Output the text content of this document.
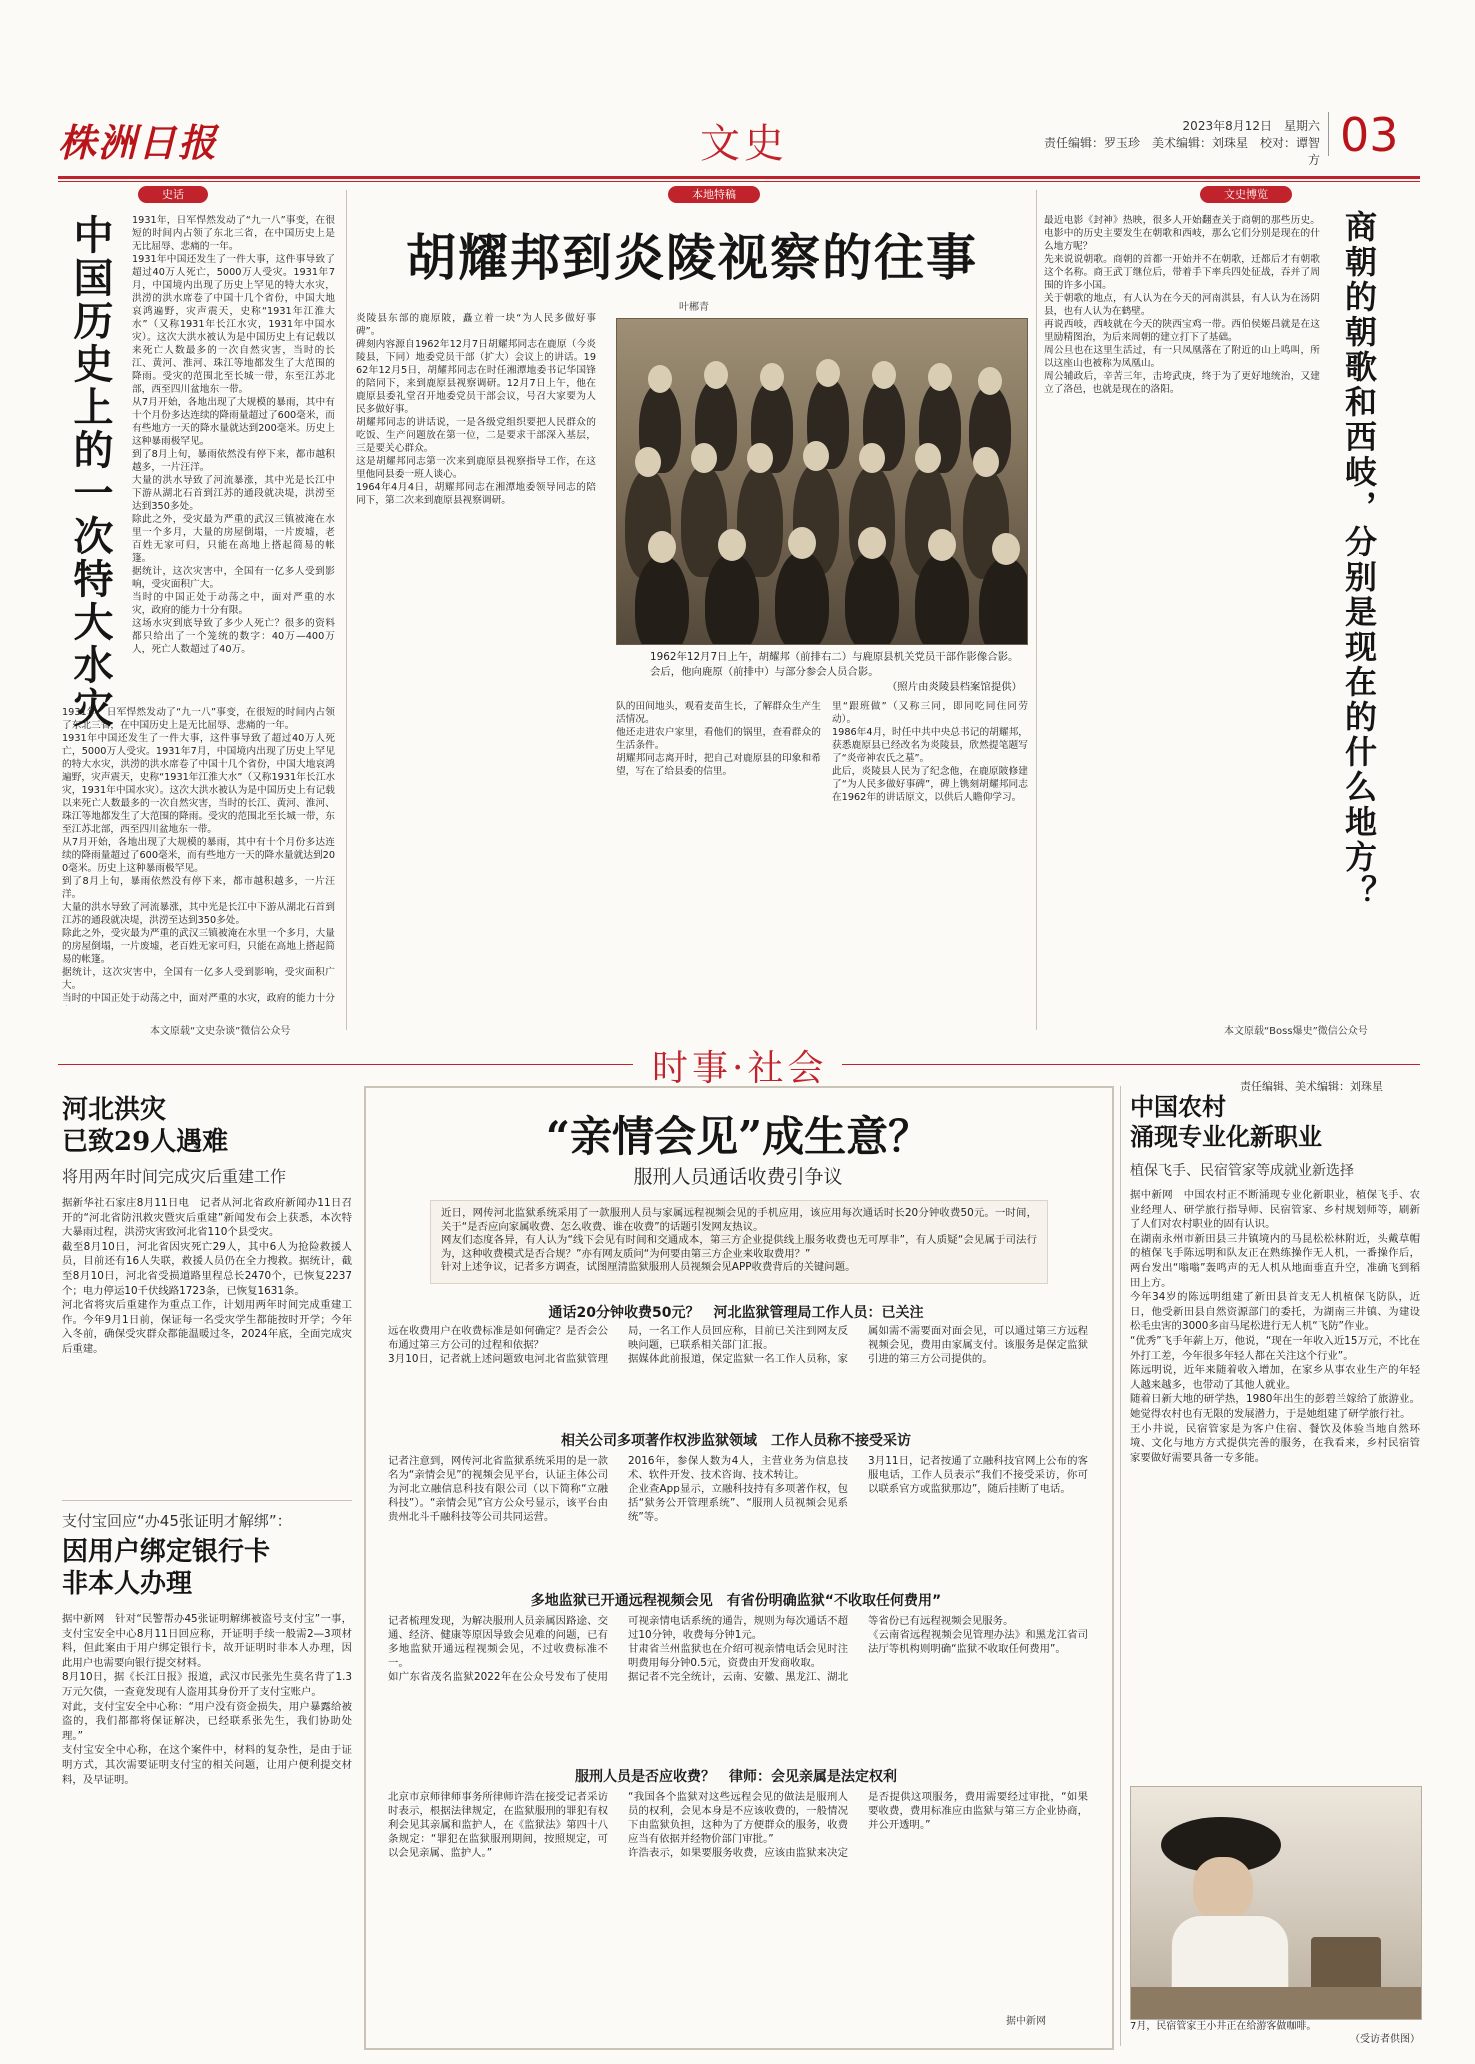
株洲日报	文史	2023年8月12日　星期六
责任编辑：罗玉珍　美术编辑：刘珠星　校对：谭智方 03
史话
中国历史上的一次特大水灾	1931年，日军悍然发动了“九一八”事变，在很短的时间内占领了东北三省，在中国历史上是无比屈辱、悲痛的一年。
1931年中国还发生了一件大事，这件事导致了超过40万人死亡，5000万人受灾。1931年7月，中国境内出现了历史上罕见的特大水灾，洪涝的洪水席卷了中国十几个省份，中国大地哀鸿遍野，灾声震天，史称“1931年江淮大水”（又称1931年长江水灾，1931年中国水灾）。这次大洪水被认为是中国历史上有记载以来死亡人数最多的一次自然灾害，当时的长江、黄河、淮河、珠江等地都发生了大范围的降雨。受灾的范围北至长城一带，东至江苏北部，西至四川盆地东一带。
从7月开始，各地出现了大规模的暴雨，其中有十个月份多达连续的降雨量超过了600毫米，而有些地方一天的降水量就达到200毫米。历史上这种暴雨极罕见。
到了8月上旬，暴雨依然没有停下来，都市越积越多，一片汪洋。
大量的洪水导致了河流暴涨，其中光是长江中下游从湖北石首到江苏的通段就决堤，洪涝至达到350多处。
除此之外，受灾最为严重的武汉三镇被淹在水里一个多月，大量的房屋倒塌，一片废墟，老百姓无家可归，只能在高地上搭起简易的帐篷。
据统计，这次灾害中，全国有一亿多人受到影响，受灾面积广大。
当时的中国正处于动荡之中，面对严重的水灾，政府的能力十分有限。
这场水灾到底导致了多少人死亡？很多的资料都只给出了一个笼统的数字：40万—400万人，死亡人数超过了40万。
1931年，日军悍然发动了“九一八”事变，在很短的时间内占领了东北三省，在中国历史上是无比屈辱、悲痛的一年。
1931年中国还发生了一件大事，这件事导致了超过40万人死亡，5000万人受灾。1931年7月，中国境内出现了历史上罕见的特大水灾，洪涝的洪水席卷了中国十几个省份，中国大地哀鸿遍野，灾声震天，史称“1931年江淮大水”（又称1931年长江水灾，1931年中国水灾）。这次大洪水被认为是中国历史上有记载以来死亡人数最多的一次自然灾害，当时的长江、黄河、淮河、珠江等地都发生了大范围的降雨。受灾的范围北至长城一带，东至江苏北部，西至四川盆地东一带。
从7月开始，各地出现了大规模的暴雨，其中有十个月份多达连续的降雨量超过了600毫米，而有些地方一天的降水量就达到200毫米。历史上这种暴雨极罕见。
到了8月上旬，暴雨依然没有停下来，都市越积越多，一片汪洋。
大量的洪水导致了河流暴涨，其中光是长江中下游从湖北石首到江苏的通段就决堤，洪涝至达到350多处。
除此之外，受灾最为严重的武汉三镇被淹在水里一个多月，大量的房屋倒塌，一片废墟，老百姓无家可归，只能在高地上搭起简易的帐篷。
据统计，这次灾害中，全国有一亿多人受到影响，受灾面积广大。
当时的中国正处于动荡之中，面对严重的水灾，政府的能力十分

本文原载“文史杂谈”微信公众号
本地特稿
胡耀邦到炎陵视察的往事
叶郴青
炎陵县东部的鹿原陂，矗立着一块“为人民多做好事碑”。
碑刻内容源自1962年12月7日胡耀邦同志在鹿原（今炎陵县，下同）地委党员干部（扩大）会议上的讲话。1962年12月5日，胡耀邦同志在时任湘潭地委书记华国锋的陪同下，来到鹿原县视察调研。12月7日上午，他在鹿原县委礼堂召开地委党员干部会议，号召大家要为人民多做好事。
胡耀邦同志的讲话说，一是各级党组织要把人民群众的吃饭、生产问题放在第一位，二是要求干部深入基层，三是要关心群众。
这是胡耀邦同志第一次来到鹿原县视察指导工作，在这里他同县委一班人谈心。
1964年4月4日，胡耀邦同志在湘潭地委领导同志的陪同下，第二次来到鹿原县视察调研。
1962年12月7日上午，胡耀邦（前排右二）与鹿原县机关党员干部作影像合影。会后，他向鹿原（前排中）与部分参会人员合影。
（照片由炎陵县档案馆提供）
队的田间地头，观看麦苗生长，了解群众生产生活情况。
他还走进农户家里，看他们的锅里，查看群众的生活条件。
胡耀邦同志离开时，把自己对鹿原县的印象和希望，写在了给县委的信里。
里“跟班做”（又称三同，即同吃同住同劳动）。
1986年4月，时任中共中央总书记的胡耀邦，获悉鹿原县已经改名为炎陵县，欣然提笔题写了“炎帝神农氏之墓”。
此后，炎陵县人民为了纪念他，在鹿原陂修建了“为人民多做好事碑”，碑上镌刻胡耀邦同志在1962年的讲话原文，以供后人瞻仰学习。
文史博览
最近电影《封神》热映，很多人开始翻查关于商朝的那些历史。电影中的历史主要发生在朝歌和西岐，那么它们分别是现在的什么地方呢？
先来说说朝歌。商朝的首都一开始并不在朝歌，迁都后才有朝歌这个名称。商王武丁继位后，带着手下率兵四处征战，吞并了周围的许多小国。
关于朝歌的地点，有人认为在今天的河南淇县，有人认为在汤阴县，也有人认为在鹤壁。
再说西岐，西岐就在今天的陕西宝鸡一带。西伯侯姬昌就是在这里励精图治，为后来周朝的建立打下了基础。
周公旦也在这里生活过，有一只凤凰落在了附近的山上鸣叫，所以这座山也被称为凤凰山。
周公辅政后，辛苦三年，击垮武庚，终于为了更好地统治，又建立了洛邑，也就是现在的洛阳。	商朝的朝歌和西岐，分别是现在的什么地方？
本文原载“Boss爆史”微信公众号
时事·社会	责任编辑、美术编辑：刘珠星
河北洪灾
已致29人遇难
将用两年时间完成灾后重建工作
据新华社石家庄8月11日电　记者从河北省政府新闻办11日召开的“河北省防汛救灾暨灾后重建”新闻发布会上获悉，本次特大暴雨过程，洪涝灾害致河北省110个县受灾。
截至8月10日，河北省因灾死亡29人，其中6人为抢险救援人员，目前还有16人失联，救援人员仍在全力搜救。据统计，截至8月10日，河北省受损道路里程总长2470个，已恢复2237个；电力停运10千伏线路1723条，已恢复1631条。
河北省将灾后重建作为重点工作，计划用两年时间完成重建工作。今年9月1日前，保证每一名受灾学生都能按时开学；今年入冬前，确保受灾群众都能温暖过冬，2024年底，全面完成灾后重建。
支付宝回应“办45张证明才解绑”：
因用户绑定银行卡
非本人办理
据中新网　针对“民警帮办45张证明解绑被盗号支付宝”一事，支付宝安全中心8月11日回应称，开证明手续一般需2—3项材料，但此案由于用户绑定银行卡，故开证明时非本人办理，因此用户也需要向银行提交材料。
8月10日，据《长江日报》报道，武汉市民张先生莫名背了1.3万元欠债，一查竟发现有人盗用其身份开了支付宝账户。
对此，支付宝安全中心称：“用户没有资金损失，用户暴露给被盗的，我们都都将保证解决，已经联系张先生，我们协助处理。”
支付宝安全中心称，在这个案件中，材料的复杂性，是由于证明方式，其次需要证明支付宝的相关问题，让用户便利提交材料，及早证明。
“亲情会见”成生意？
服刑人员通话收费引争议
近日，网传河北监狱系统采用了一款服刑人员与家属远程视频会见的手机应用，该应用每次通话时长20分钟收费50元。一时间，关于“是否应向家属收费、怎么收费、谁在收费”的话题引发网友热议。
网友们态度各异，有人认为“线下会见有时间和交通成本，第三方企业提供线上服务收费也无可厚非”，有人质疑“会见属于司法行为，这种收费模式是否合规？”亦有网友质问“为何要由第三方企业来收取费用？”
针对上述争议，记者多方调查，试图厘清监狱服刑人员视频会见APP收费背后的关键问题。
通话20分钟收费50元？　河北监狱管理局工作人员：已关注
远在收费用户在收费标准是如何确定？是否会公布通过第三方公司的过程和依据？
3月10日，记者就上述问题致电河北省监狱管理局，一名工作人员回应称，目前已关注到网友反映问题，已联系相关部门汇报。
据媒体此前报道，保定监狱一名工作人员称，家属如需不需要面对面会见，可以通过第三方远程视频会见，费用由家属支付。该服务是保定监狱引进的第三方公司提供的。
相关公司多项著作权涉监狱领域　工作人员称不接受采访
记者注意到，网传河北省监狱系统采用的是一款名为“亲情会见”的视频会见平台，认证主体公司为河北立融信息科技有限公司（以下简称“立融科技”）。“亲情会见”官方公众号显示，该平台由贵州北斗千融科技等公司共同运营。
2016年，参保人数为4人，主营业务为信息技术、软件开发、技术咨询、技术转让。
企业查App显示，立融科技持有多项著作权，包括“狱务公开管理系统”、“服刑人员视频会见系统”等。
3月11日，记者按通了立融科技官网上公布的客服电话，工作人员表示“我们不接受采访，你可以联系官方或监狱那边”，随后挂断了电话。
多地监狱已开通远程视频会见　有省份明确监狱“不收取任何费用”
记者梳理发现，为解决服刑人员亲属因路途、交通、经济、健康等原因导致会见难的问题，已有多地监狱开通远程视频会见，不过收费标准不一。
如广东省茂名监狱2022年在公众号发布了使用可视亲情电话系统的通告，规则为每次通话不超过10分钟，收费每分钟1元。
甘肃省兰州监狱也在介绍可视亲情电话会见时注明费用每分钟0.5元，资费由开发商收取。
据记者不完全统计，云南、安徽、黑龙江、湖北等省份已有远程视频会见服务。
《云南省远程视频会见管理办法》和黑龙江省司法厅等机构则明确“监狱不收取任何费用”。
服刑人员是否应收费？　律师：会见亲属是法定权利
北京市京师律师事务所律师许浩在接受记者采访时表示，根据法律规定，在监狱服刑的罪犯有权利会见其亲属和监护人，在《监狱法》第四十八条规定：“罪犯在监狱服刑期间，按照规定，可以会见亲属、监护人。”
“我国各个监狱对这些远程会见的做法是服刑人员的权利，会见本身是不应该收费的，一般情况下由监狱负担，这种为了方便群众的服务，收费应当有依据并经物价部门审批。”
许浩表示，如果要服务收费，应该由监狱来决定是否提供这项服务，费用需要经过审批，“如果要收费，费用标准应由监狱与第三方企业协商，并公开透明。”
据中新网
中国农村
涌现专业化新职业
植保飞手、民宿管家等成就业新选择
据中新网　中国农村正不断涌现专业化新职业，植保飞手、农业经理人、研学旅行指导师、民宿管家、乡村规划师等，刷新了人们对农村职业的固有认识。
在湖南永州市新田县三井镇境内的马昆松松林附近，头戴草帽的植保飞手陈远明和队友正在熟练操作无人机，一番操作后，两台发出“嗡嗡”轰鸣声的无人机从地面垂直升空，准确飞到稻田上方。
今年34岁的陈远明组建了新田县首支无人机植保飞防队，近日，他受新田县自然资源部门的委托，为湖南三井镇、为建设松毛虫害的3000多亩马尾松进行无人机“飞防”作业。
“优秀”飞手年薪上万，他说，“现在一年收入近15万元，不比在外打工差，今年很多年轻人都在关注这个行业”。
陈远明说，近年来随着收入增加，在家乡从事农业生产的年轻人越来越多，也带动了其他人就业。
随着日新大地的研学热，1980年出生的彭碧兰嫁给了旅游业。她觉得农村也有无限的发展潜力，于是她组建了研学旅行社。
王小井说，民宿管家是为客户住宿、餐饮及体验当地自然环境、文化与地方方式提供完善的服务，在我看来，乡村民宿管家要做好需要具备一专多能。
7月，民宿管家王小井正在给游客做咖啡。
（受访者供图）
